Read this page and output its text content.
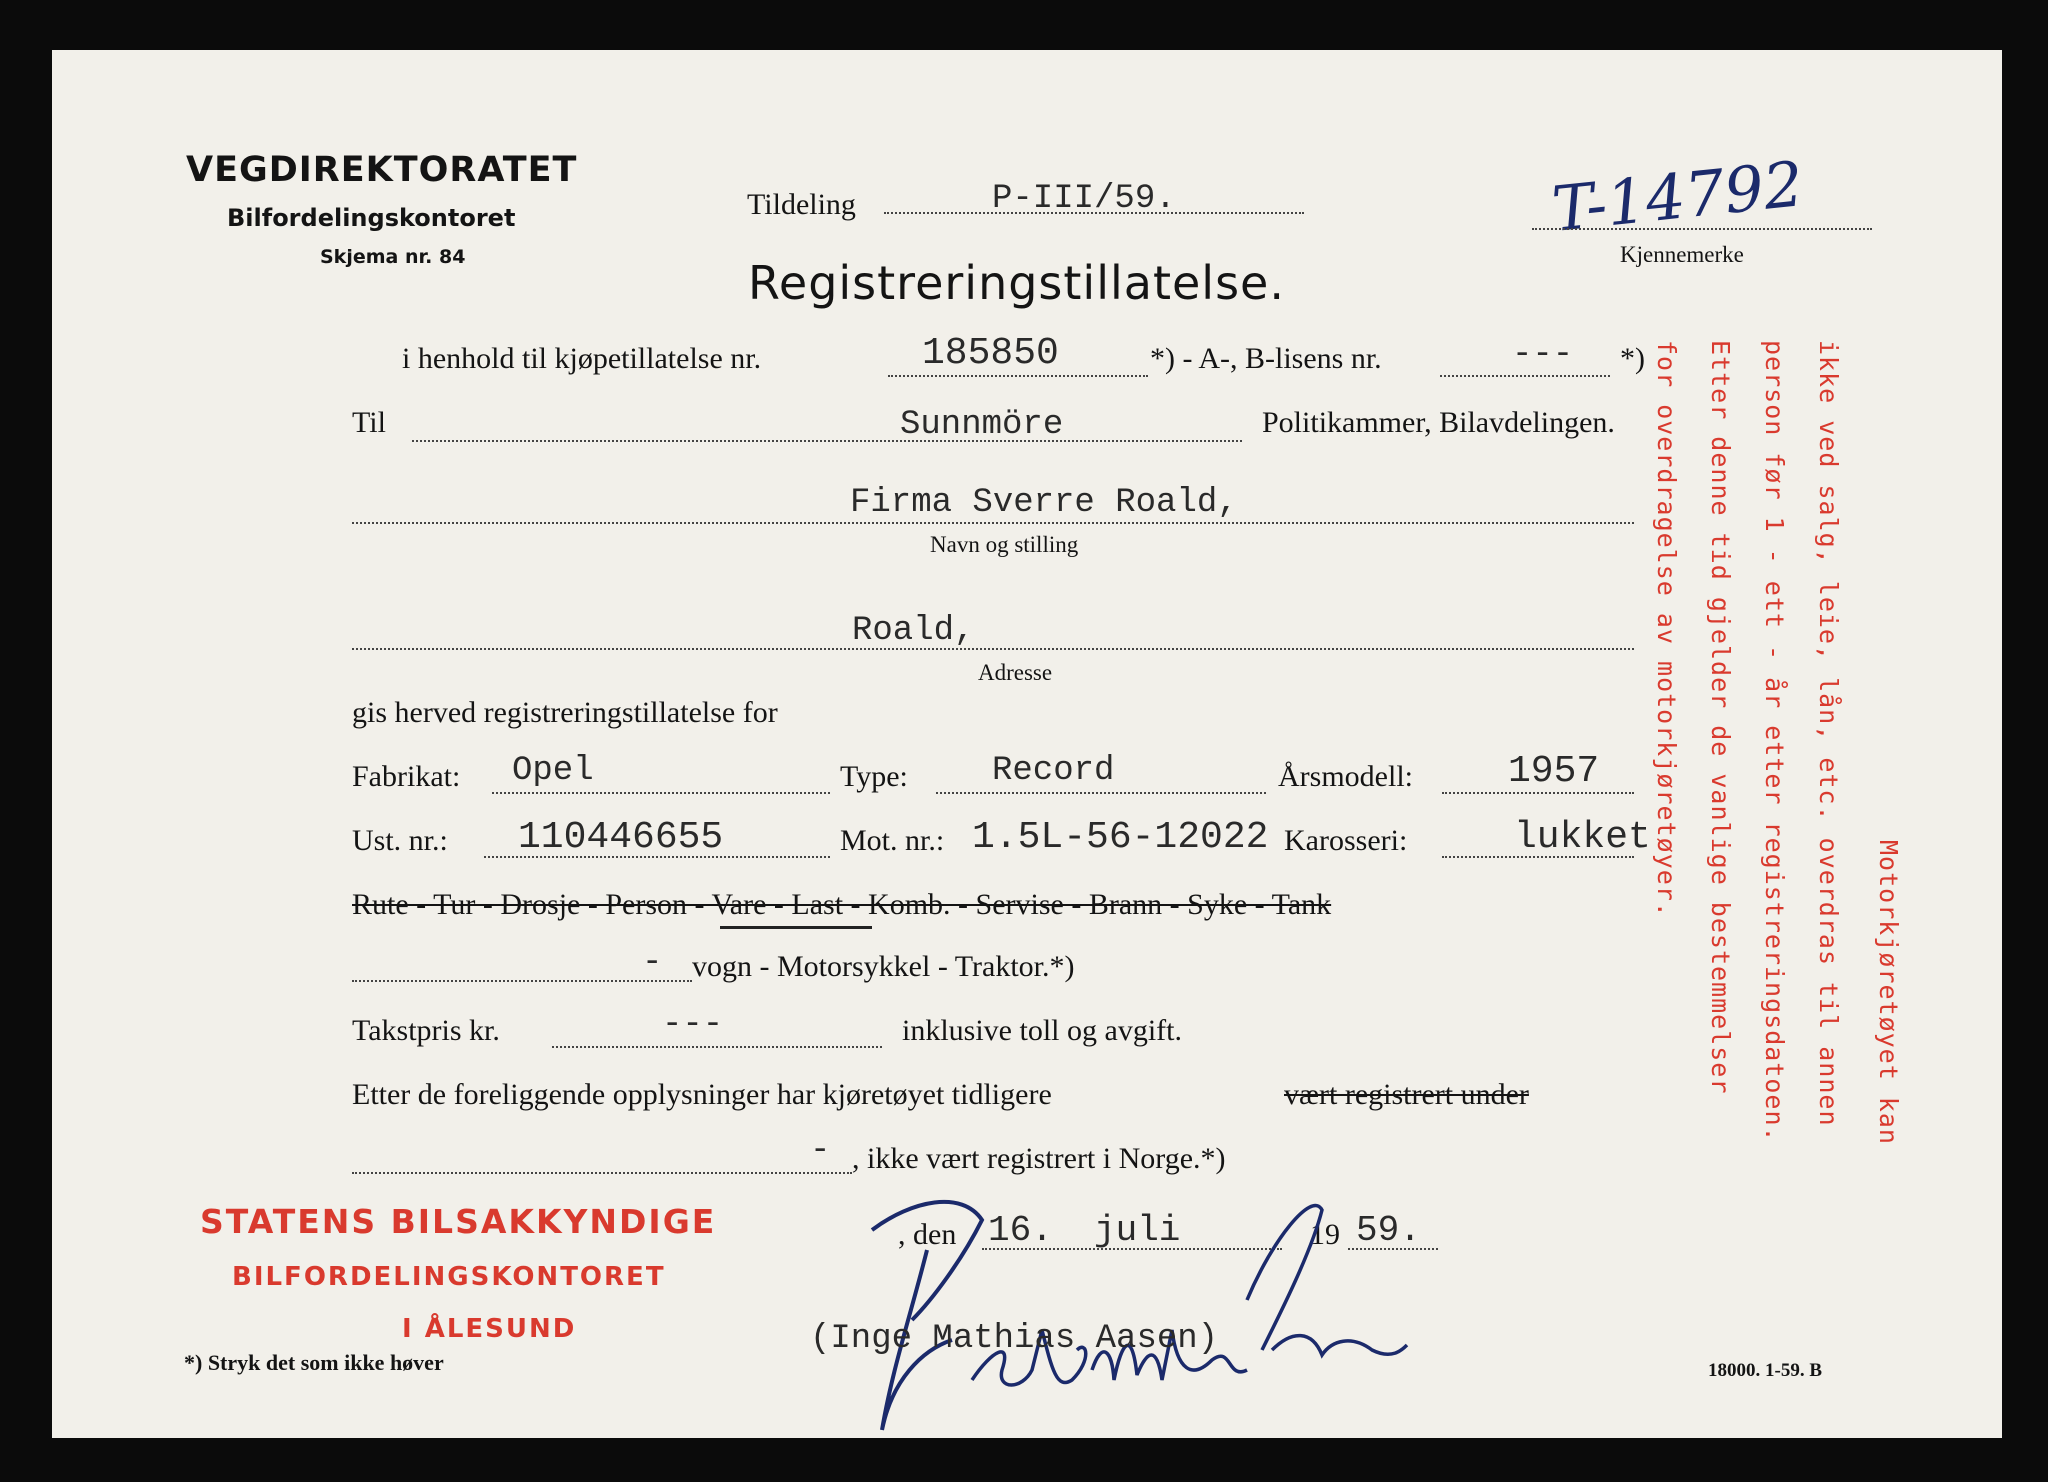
VEGDIREKTORATET
Bilfordelingskontoret
Skjema nr. 84
Tildeling	P-III/59.	T-14792
Kjennemerke
Registreringstillatelse.
i henhold til kjøpetillatelse nr.	185850	*) - A-, B-lisens nr.	--- *)
Til	Sunnmöre	Politikammer, Bilavdelingen.
Firma Sverre Roald,
Navn og stilling
Roald,
Adresse
gis herved registreringstillatelse for
Fabrikat: Opel	Type: Record	Årsmodell:	1957
Ust. nr.: 110446655	Mot. nr.: 1.5L-56-12022 Karosseri:	lukket
Rute - Tur - Drosje - Person - Vare - Last - Komb. - Servise - Brann - Syke - Tank
- vogn - Motorsykkel - Traktor.*)
Takstpris kr.	---	inklusive toll og avgift.
Etter de foreliggende opplysninger har kjøretøyet tidligere	vært registrert under
- , ikke vært registrert i Norge.*)
, den 16. juli	19 59.
STATENS BILSAKKYNDIGE
BILFORDELINGSKONTORET
I ÅLESUND	(Inge Mathias Aasen)
*) Stryk det som ikke høver	18000. 1-59. B
Motorkjøretøyet kan
ikke ved salg, leie, lån, etc. overdras til annen
person før 1 - ett - år etter registreringsdatoen.
Etter denne tid gjelder de vanlige bestemmelser
for overdragelse av motorkjøretøyer.
